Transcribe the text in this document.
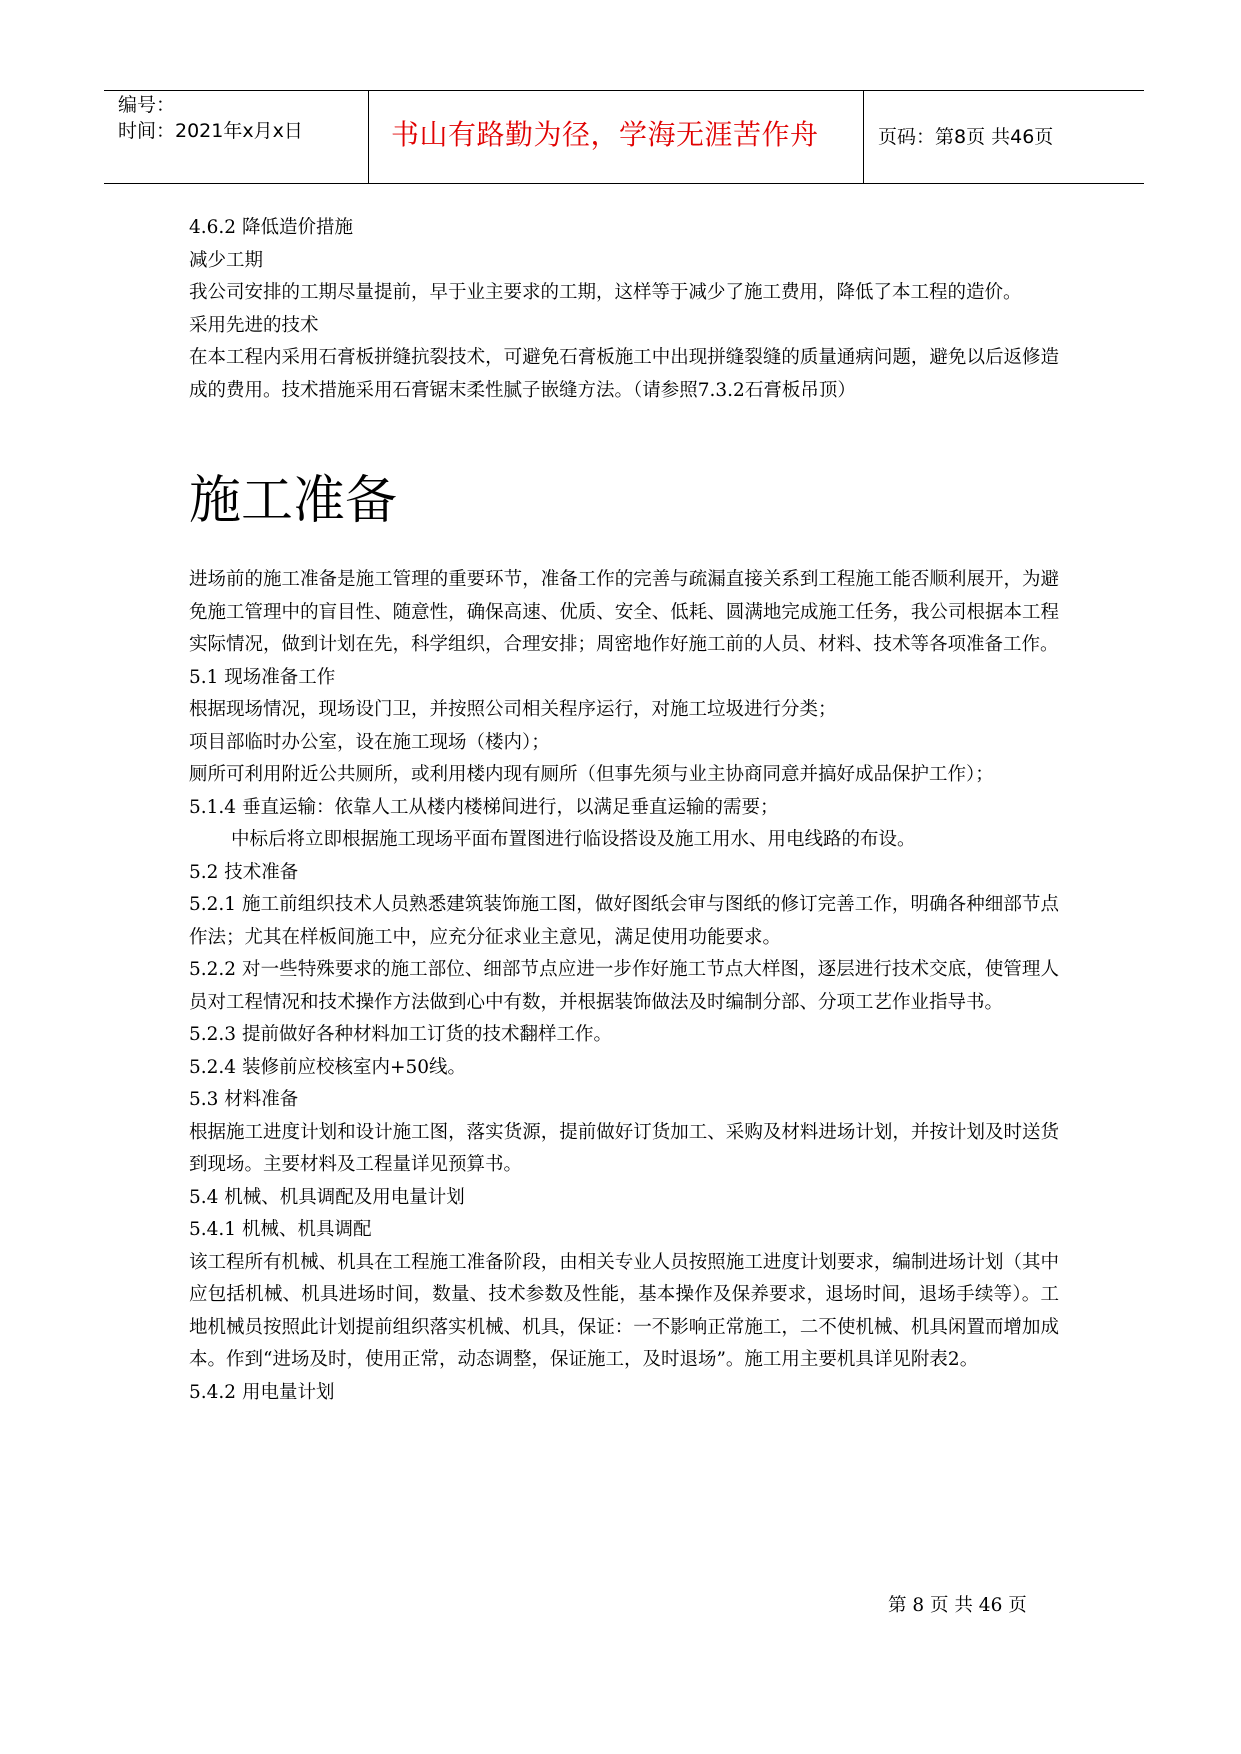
编号：
时间：2021年x月x日	书山有路勤为径，学海无涯苦作舟	页码：第8页 共46页

4.6.2 降低造价措施

减少工期

我公司安排的工期尽量提前，早于业主要求的工期，这样等于减少了施工费用，降低了本工程的造价。

采用先进的技术

在本工程内采用石膏板拼缝抗裂技术，可避免石膏板施工中出现拼缝裂缝的质量通病问题，避免以后返修造成的费用。技术措施采用石膏锯末柔性腻子嵌缝方法。（请参照7.3.2石膏板吊顶）

施工准备

进场前的施工准备是施工管理的重要环节，准备工作的完善与疏漏直接关系到工程施工能否顺利展开，为避免施工管理中的盲目性、随意性，确保高速、优质、安全、低耗、圆满地完成施工任务，我公司根据本工程实际情况，做到计划在先，科学组织，合理安排；周密地作好施工前的人员、材料、技术等各项准备工作。

5.1 现场准备工作

根据现场情况，现场设门卫，并按照公司相关程序运行，对施工垃圾进行分类；

项目部临时办公室，设在施工现场（楼内）；

厕所可利用附近公共厕所，或利用楼内现有厕所（但事先须与业主协商同意并搞好成品保护工作）；

5.1.4 垂直运输：依靠人工从楼内楼梯间进行，以满足垂直运输的需要；

中标后将立即根据施工现场平面布置图进行临设搭设及施工用水、用电线路的布设。

5.2 技术准备

5.2.1 施工前组织技术人员熟悉建筑装饰施工图，做好图纸会审与图纸的修订完善工作，明确各种细部节点作法；尤其在样板间施工中，应充分征求业主意见，满足使用功能要求。

5.2.2 对一些特殊要求的施工部位、细部节点应进一步作好施工节点大样图，逐层进行技术交底，使管理人员对工程情况和技术操作方法做到心中有数，并根据装饰做法及时编制分部、分项工艺作业指导书。

5.2.3 提前做好各种材料加工订货的技术翻样工作。

5.2.4 装修前应校核室内+50线。

5.3 材料准备

根据施工进度计划和设计施工图，落实货源，提前做好订货加工、采购及材料进场计划，并按计划及时送货到现场。主要材料及工程量详见预算书。

5.4 机械、机具调配及用电量计划

5.4.1 机械、机具调配

该工程所有机械、机具在工程施工准备阶段，由相关专业人员按照施工进度计划要求，编制进场计划（其中应包括机械、机具进场时间，数量、技术参数及性能，基本操作及保养要求，退场时间，退场手续等）。工地机械员按照此计划提前组织落实机械、机具，保证：一不影响正常施工，二不使机械、机具闲置而增加成本。作到“进场及时，使用正常，动态调整，保证施工，及时退场”。施工用主要机具详见附表2。

5.4.2 用电量计划

第 8 页 共 46 页
